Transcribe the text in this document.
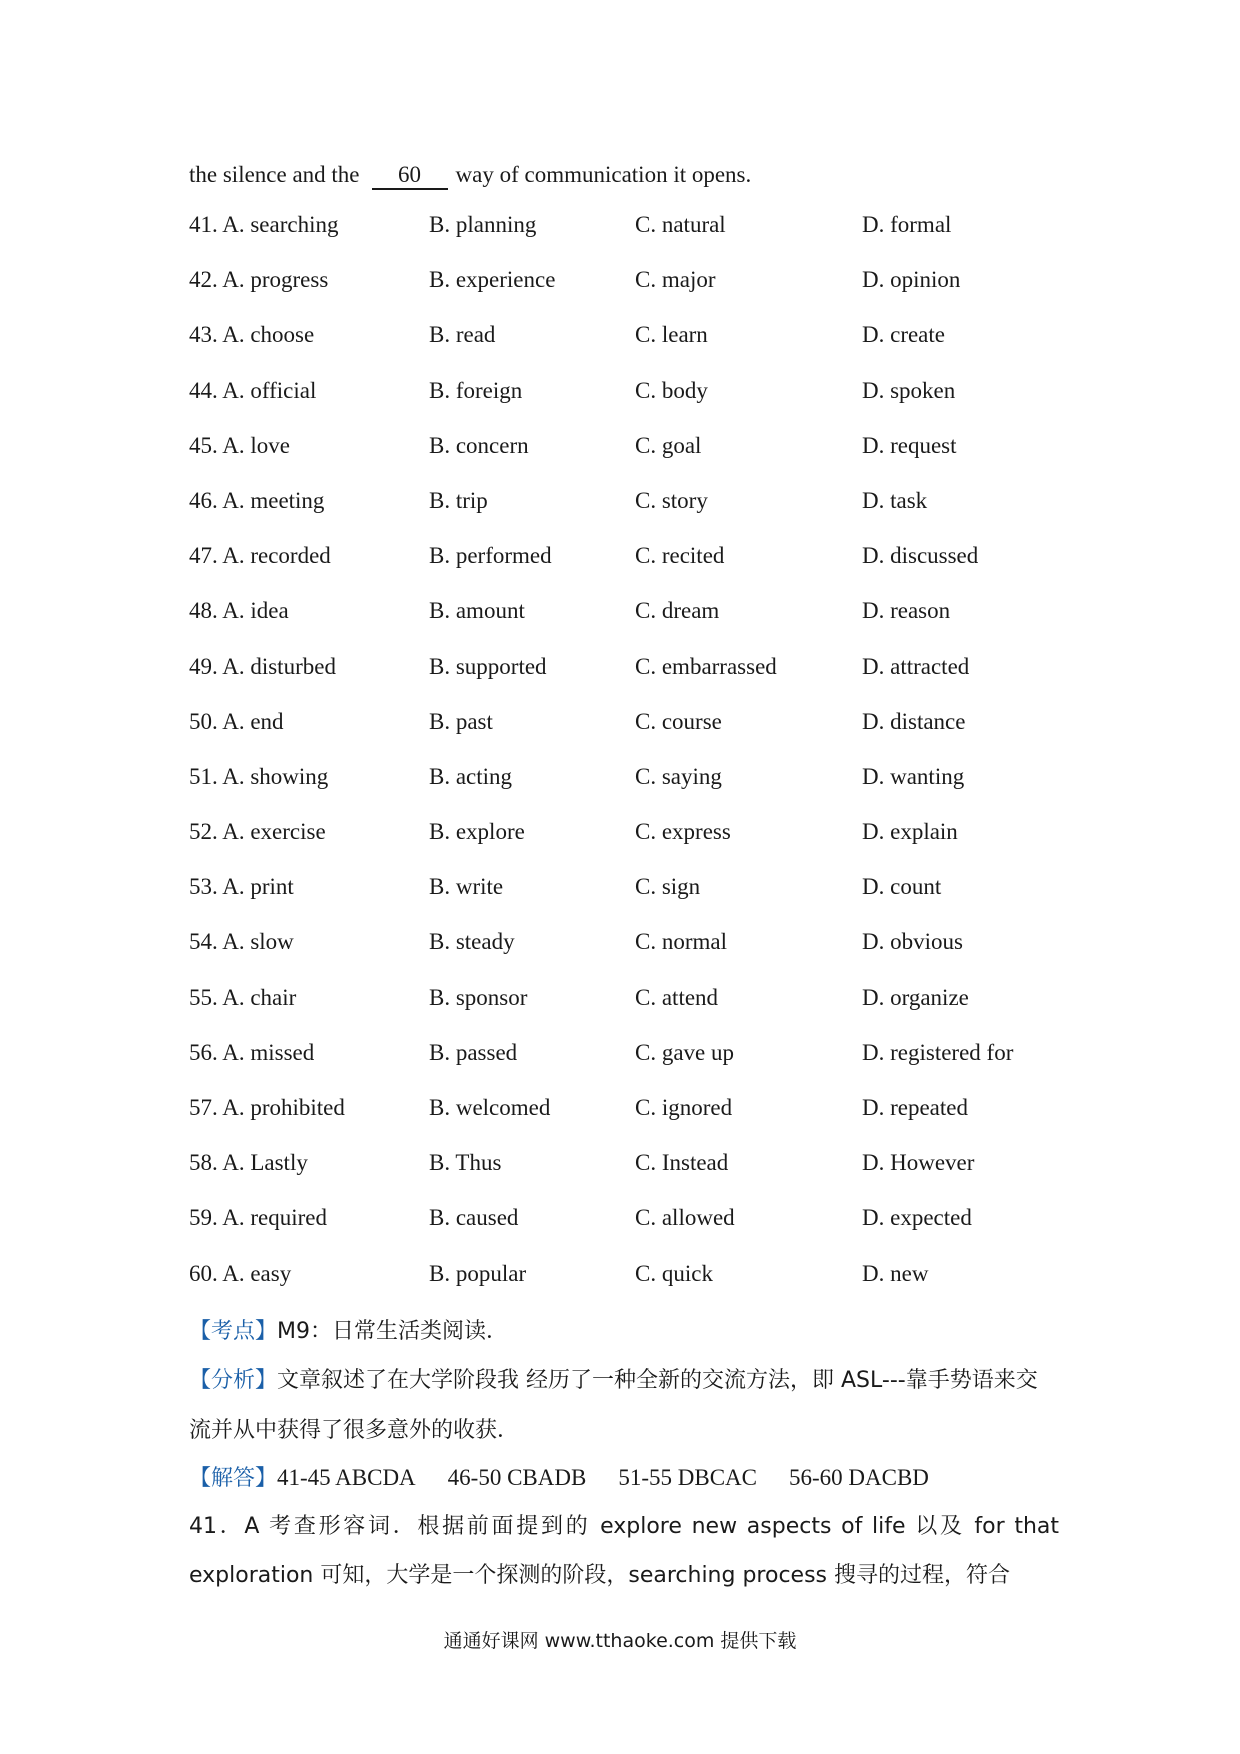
the silence and the 60 way of communication it opens.
41. A. searching	B. planning	C. natural	D. formal
42. A. progress	B. experience	C. major	D. opinion
43. A. choose	B. read	C. learn	D. create
44. A. official	B. foreign	C. body	D. spoken
45. A. love	B. concern	C. goal	D. request
46. A. meeting	B. trip	C. story	D. task
47. A. recorded	B. performed	C. recited	D. discussed
48. A. idea	B. amount	C. dream	D. reason
49. A. disturbed	B. supported	C. embarrassed	D. attracted
50. A. end	B. past	C. course	D. distance
51. A. showing	B. acting	C. saying	D. wanting
52. A. exercise	B. explore	C. express	D. explain
53. A. print	B. write	C. sign	D. count
54. A. slow	B. steady	C. normal	D. obvious
55. A. chair	B. sponsor	C. attend	D. organize
56. A. missed	B. passed	C. gave up	D. registered for
57. A. prohibited	B. welcomed	C. ignored	D. repeated
58. A. Lastly	B. Thus	C. Instead	D. However
59. A. required	B. caused	C. allowed	D. expected
60. A. easy	B. popular	C. quick	D. new
【考点】M9：日常生活类阅读．
【分析】文章叙述了在大学阶段我 经历了一种全新的交流方法，即 ASL---靠手势语来交流并从中获得了很多意外的收获．
【解答】41-45 ABCDA 46-50 CBADB 51-55 DBCAC 56-60 DACBD
41．A 考查形容词．根据前面提到的 explore new aspects of life 以及 for that exploration 可知，大学是一个探测的阶段，searching process 搜寻的过程，符合
通通好课网 www.tthaoke.com 提供下载
